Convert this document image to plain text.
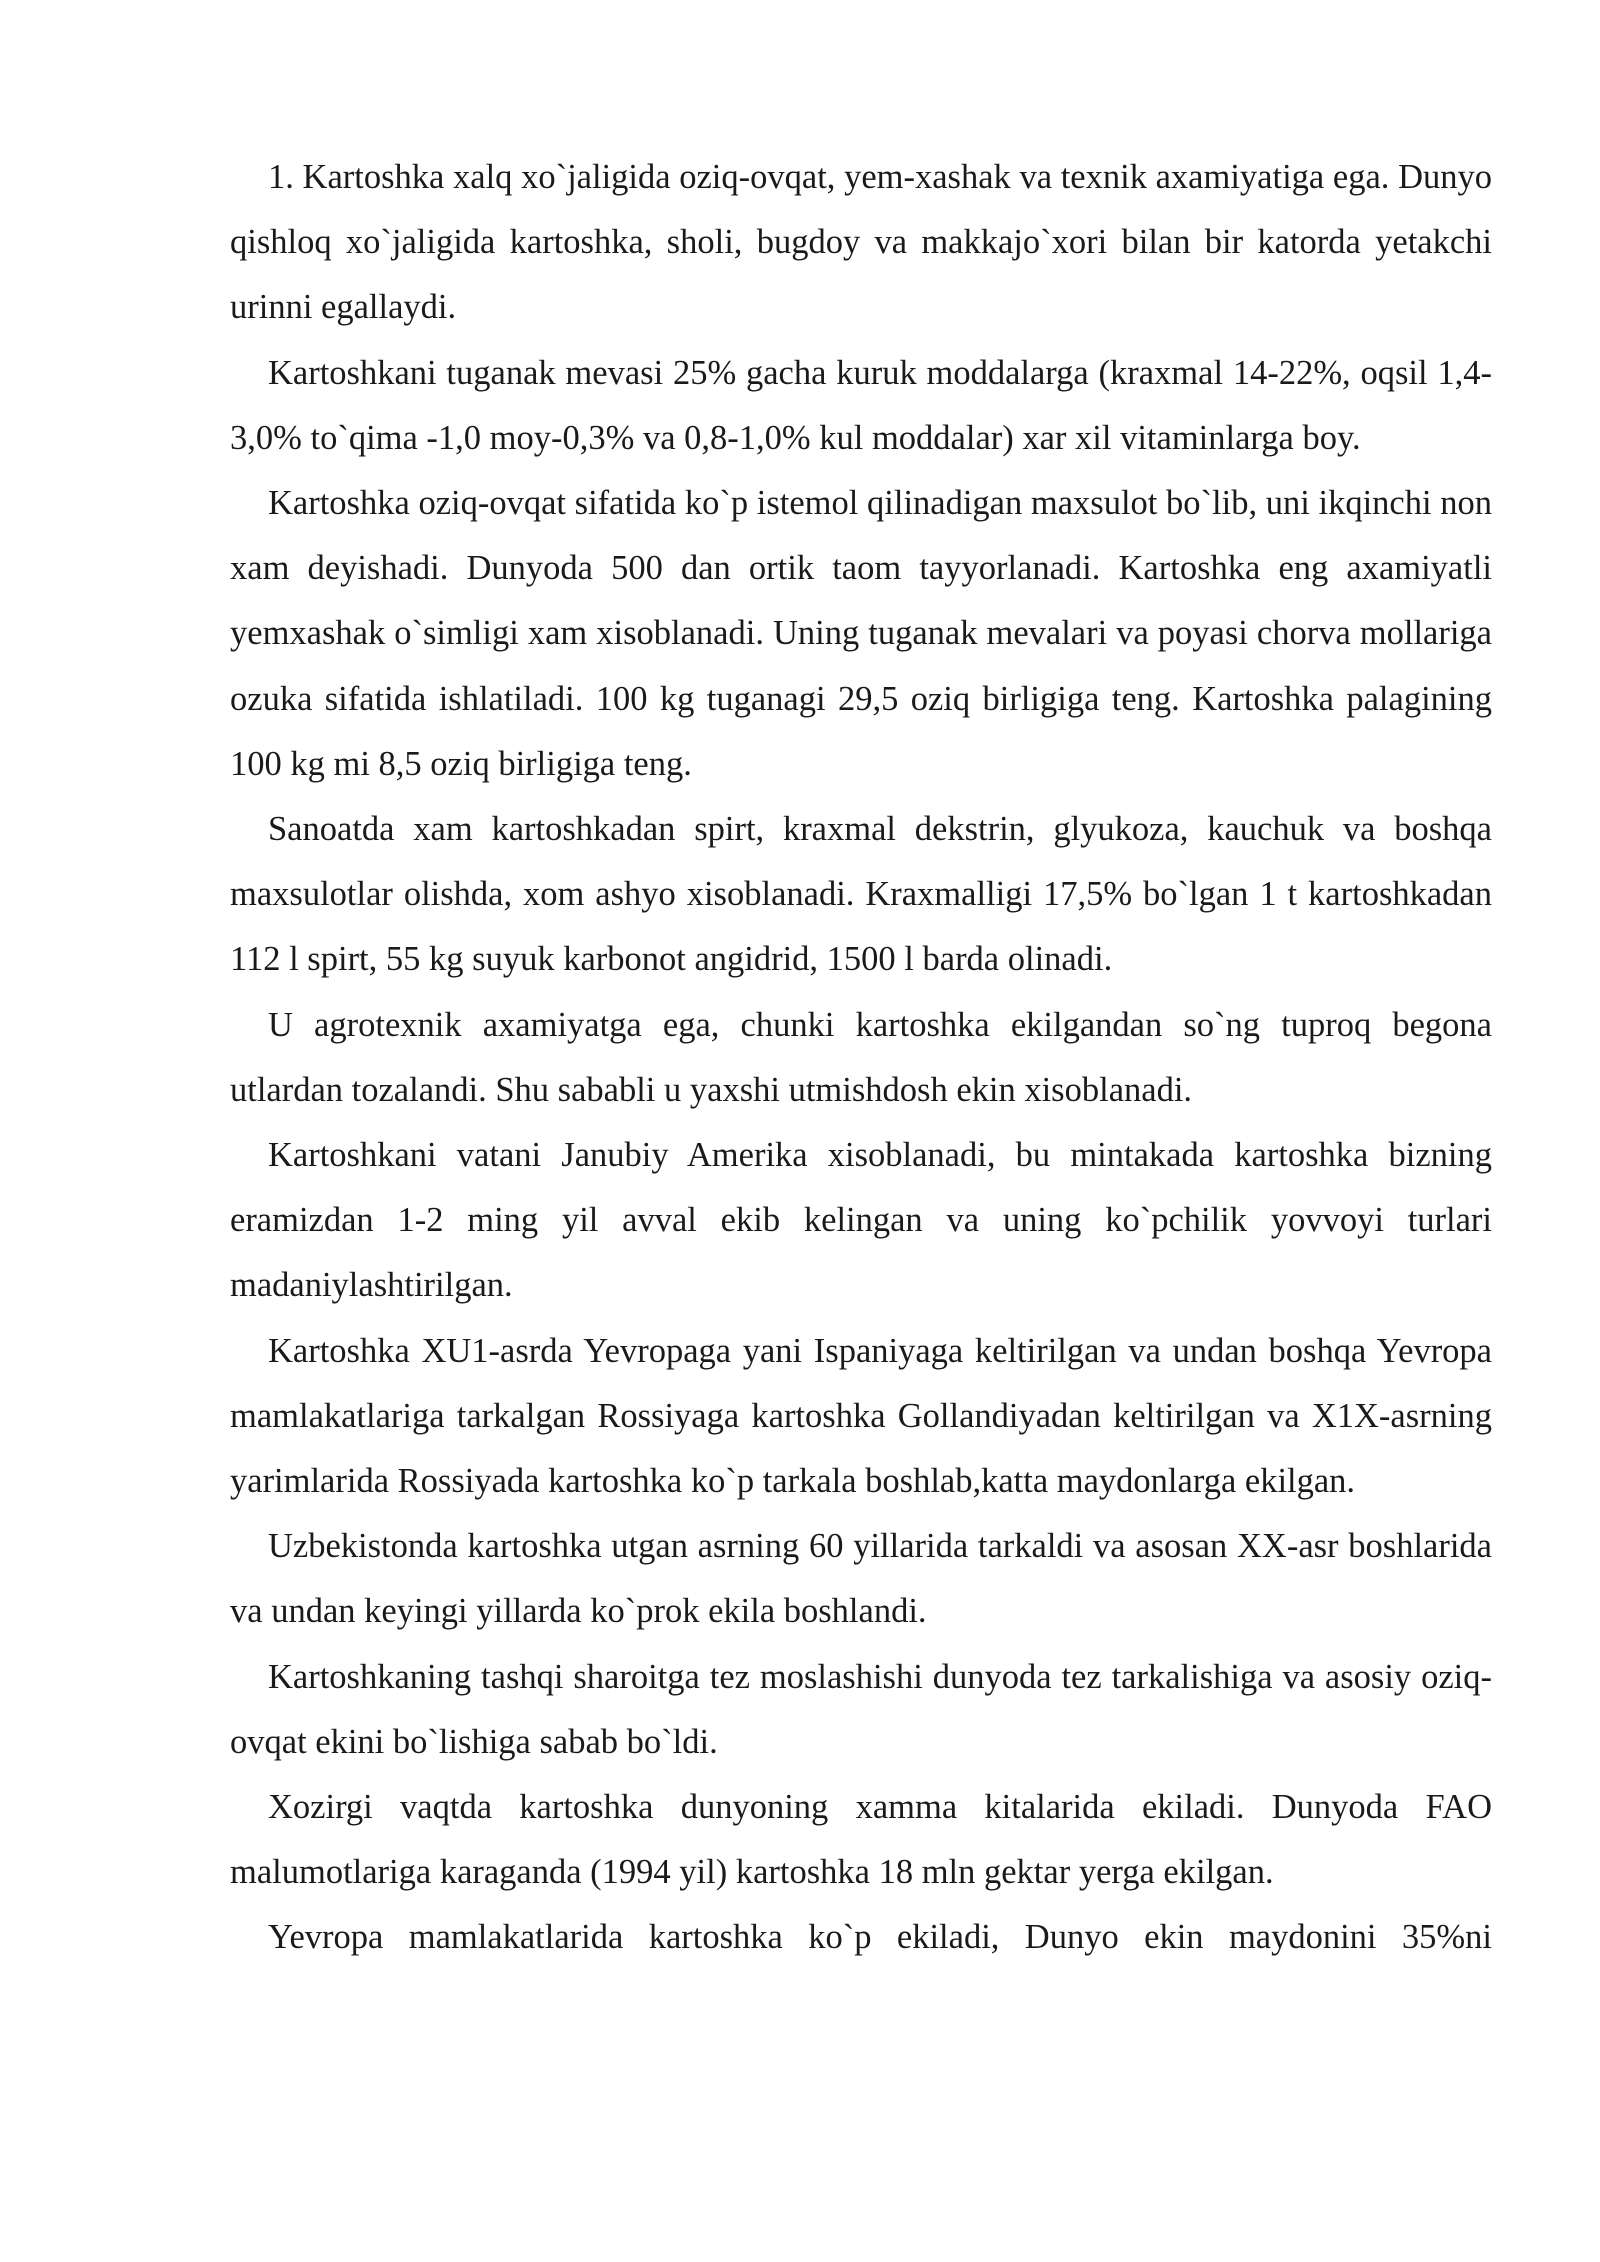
1. Kartoshka xalq xo`jaligida oziq-ovqat, yem-xashak va texnik axamiyatiga ega. Dunyo qishloq xo`jaligida kartoshka, sholi, bugdoy va makkajo`xori bilan bir katorda yetakchi urinni egallaydi.

Kartoshkani tuganak mevasi 25% gacha kuruk moddalarga (kraxmal 14-22%, oqsil 1,4-3,0% to`qima -1,0 moy-0,3% va 0,8-1,0% kul moddalar) xar xil vitaminlarga boy.

Kartoshka oziq-ovqat sifatida ko`p istemol qilinadigan maxsulot bo`lib, uni ikqinchi non xam deyishadi. Dunyoda 500 dan ortik taom tayyorlanadi. Kartoshka eng axamiyatli yemxashak o`simligi xam xisoblanadi. Uning tuganak mevalari va poyasi chorva mollariga ozuka sifatida ishlatiladi. 100 kg tuganagi 29,5 oziq birligiga teng. Kartoshka palagining 100 kg mi 8,5 oziq birligiga teng.

Sanoatda xam kartoshkadan spirt, kraxmal dekstrin, glyukoza, kauchuk va boshqa maxsulotlar olishda, xom ashyo xisoblanadi. Kraxmalligi 17,5% bo`lgan 1 t kartoshkadan 112 l spirt, 55 kg suyuk karbonot angidrid, 1500 l barda olinadi.

U agrotexnik axamiyatga ega, chunki kartoshka ekilgandan so`ng tuproq begona utlardan tozalandi. Shu sababli u yaxshi utmishdosh ekin xisoblanadi.

Kartoshkani vatani Janubiy Amerika xisoblanadi, bu mintakada kartoshka bizning eramizdan 1-2 ming yil avval ekib kelingan va uning ko`pchilik yovvoyi turlari madaniylashtirilgan.

Kartoshka XU1-asrda Yevropaga yani Ispaniyaga keltirilgan va undan boshqa Yevropa mamlakatlariga tarkalgan Rossiyaga kartoshka Gollandiyadan keltirilgan va X1X-asrning yarimlarida Rossiyada kartoshka ko`p tarkala boshlab,katta maydonlarga ekilgan.

Uzbekistonda kartoshka utgan asrning 60 yillarida tarkaldi va asosan XX-asr boshlarida va undan keyingi yillarda ko`prok ekila boshlandi.

Kartoshkaning tashqi sharoitga tez moslashishi dunyoda tez tarkalishiga va asosiy oziq-ovqat ekini bo`lishiga sabab bo`ldi.

Xozirgi vaqtda kartoshka dunyoning xamma kitalarida ekiladi. Dunyoda FAO malumotlariga karaganda (1994 yil) kartoshka 18 mln gektar yerga ekilgan.

Yevropa mamlakatlarida kartoshka ko`p ekiladi, Dunyo ekin maydonini 35%ni
